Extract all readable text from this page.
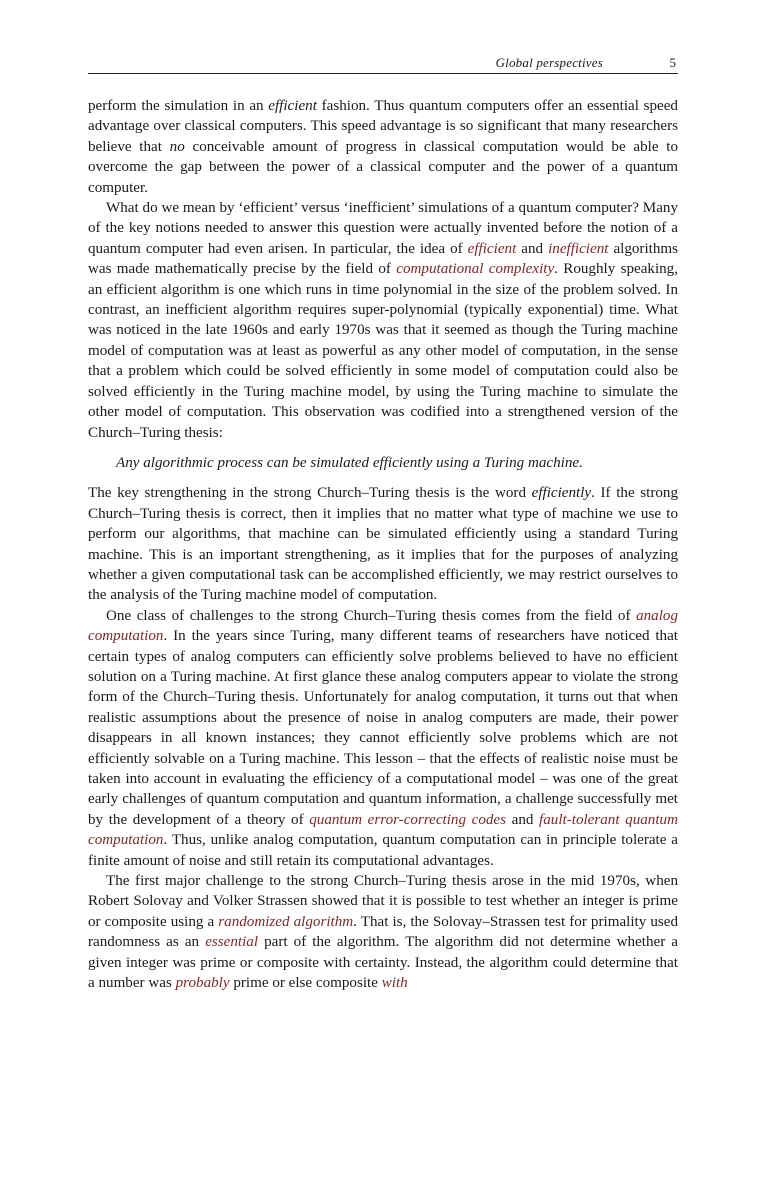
Global perspectives	5

perform the simulation in an efficient fashion. Thus quantum computers offer an essential speed advantage over classical computers. This speed advantage is so significant that many researchers believe that no conceivable amount of progress in classical computation would be able to overcome the gap between the power of a classical computer and the power of a quantum computer.

What do we mean by ‘efficient’ versus ‘inefficient’ simulations of a quantum computer? Many of the key notions needed to answer this question were actually invented before the notion of a quantum computer had even arisen. In particular, the idea of efficient and inefficient algorithms was made mathematically precise by the field of computational complexity. Roughly speaking, an efficient algorithm is one which runs in time polynomial in the size of the problem solved. In contrast, an inefficient algorithm requires super-polynomial (typically exponential) time. What was noticed in the late 1960s and early 1970s was that it seemed as though the Turing machine model of computation was at least as powerful as any other model of computation, in the sense that a problem which could be solved efficiently in some model of computation could also be solved efficiently in the Turing machine model, by using the Turing machine to simulate the other model of computation. This observation was codified into a strengthened version of the Church–Turing thesis:

Any algorithmic process can be simulated efficiently using a Turing machine.

The key strengthening in the strong Church–Turing thesis is the word efficiently. If the strong Church–Turing thesis is correct, then it implies that no matter what type of machine we use to perform our algorithms, that machine can be simulated efficiently using a standard Turing machine. This is an important strengthening, as it implies that for the purposes of analyzing whether a given computational task can be accomplished efficiently, we may restrict ourselves to the analysis of the Turing machine model of computation.

One class of challenges to the strong Church–Turing thesis comes from the field of analog computation. In the years since Turing, many different teams of researchers have noticed that certain types of analog computers can efficiently solve problems believed to have no efficient solution on a Turing machine. At first glance these analog computers appear to violate the strong form of the Church–Turing thesis. Unfortunately for analog computation, it turns out that when realistic assumptions about the presence of noise in analog computers are made, their power disappears in all known instances; they cannot efficiently solve problems which are not efficiently solvable on a Turing machine. This lesson – that the effects of realistic noise must be taken into account in evaluating the efficiency of a computational model – was one of the great early challenges of quantum computation and quantum information, a challenge successfully met by the development of a theory of quantum error-correcting codes and fault-tolerant quantum computation. Thus, unlike analog computation, quantum computation can in principle tolerate a finite amount of noise and still retain its computational advantages.

The first major challenge to the strong Church–Turing thesis arose in the mid 1970s, when Robert Solovay and Volker Strassen showed that it is possible to test whether an integer is prime or composite using a randomized algorithm. That is, the Solovay–Strassen test for primality used randomness as an essential part of the algorithm. The algorithm did not determine whether a given integer was prime or composite with certainty. Instead, the algorithm could determine that a number was probably prime or else composite with
